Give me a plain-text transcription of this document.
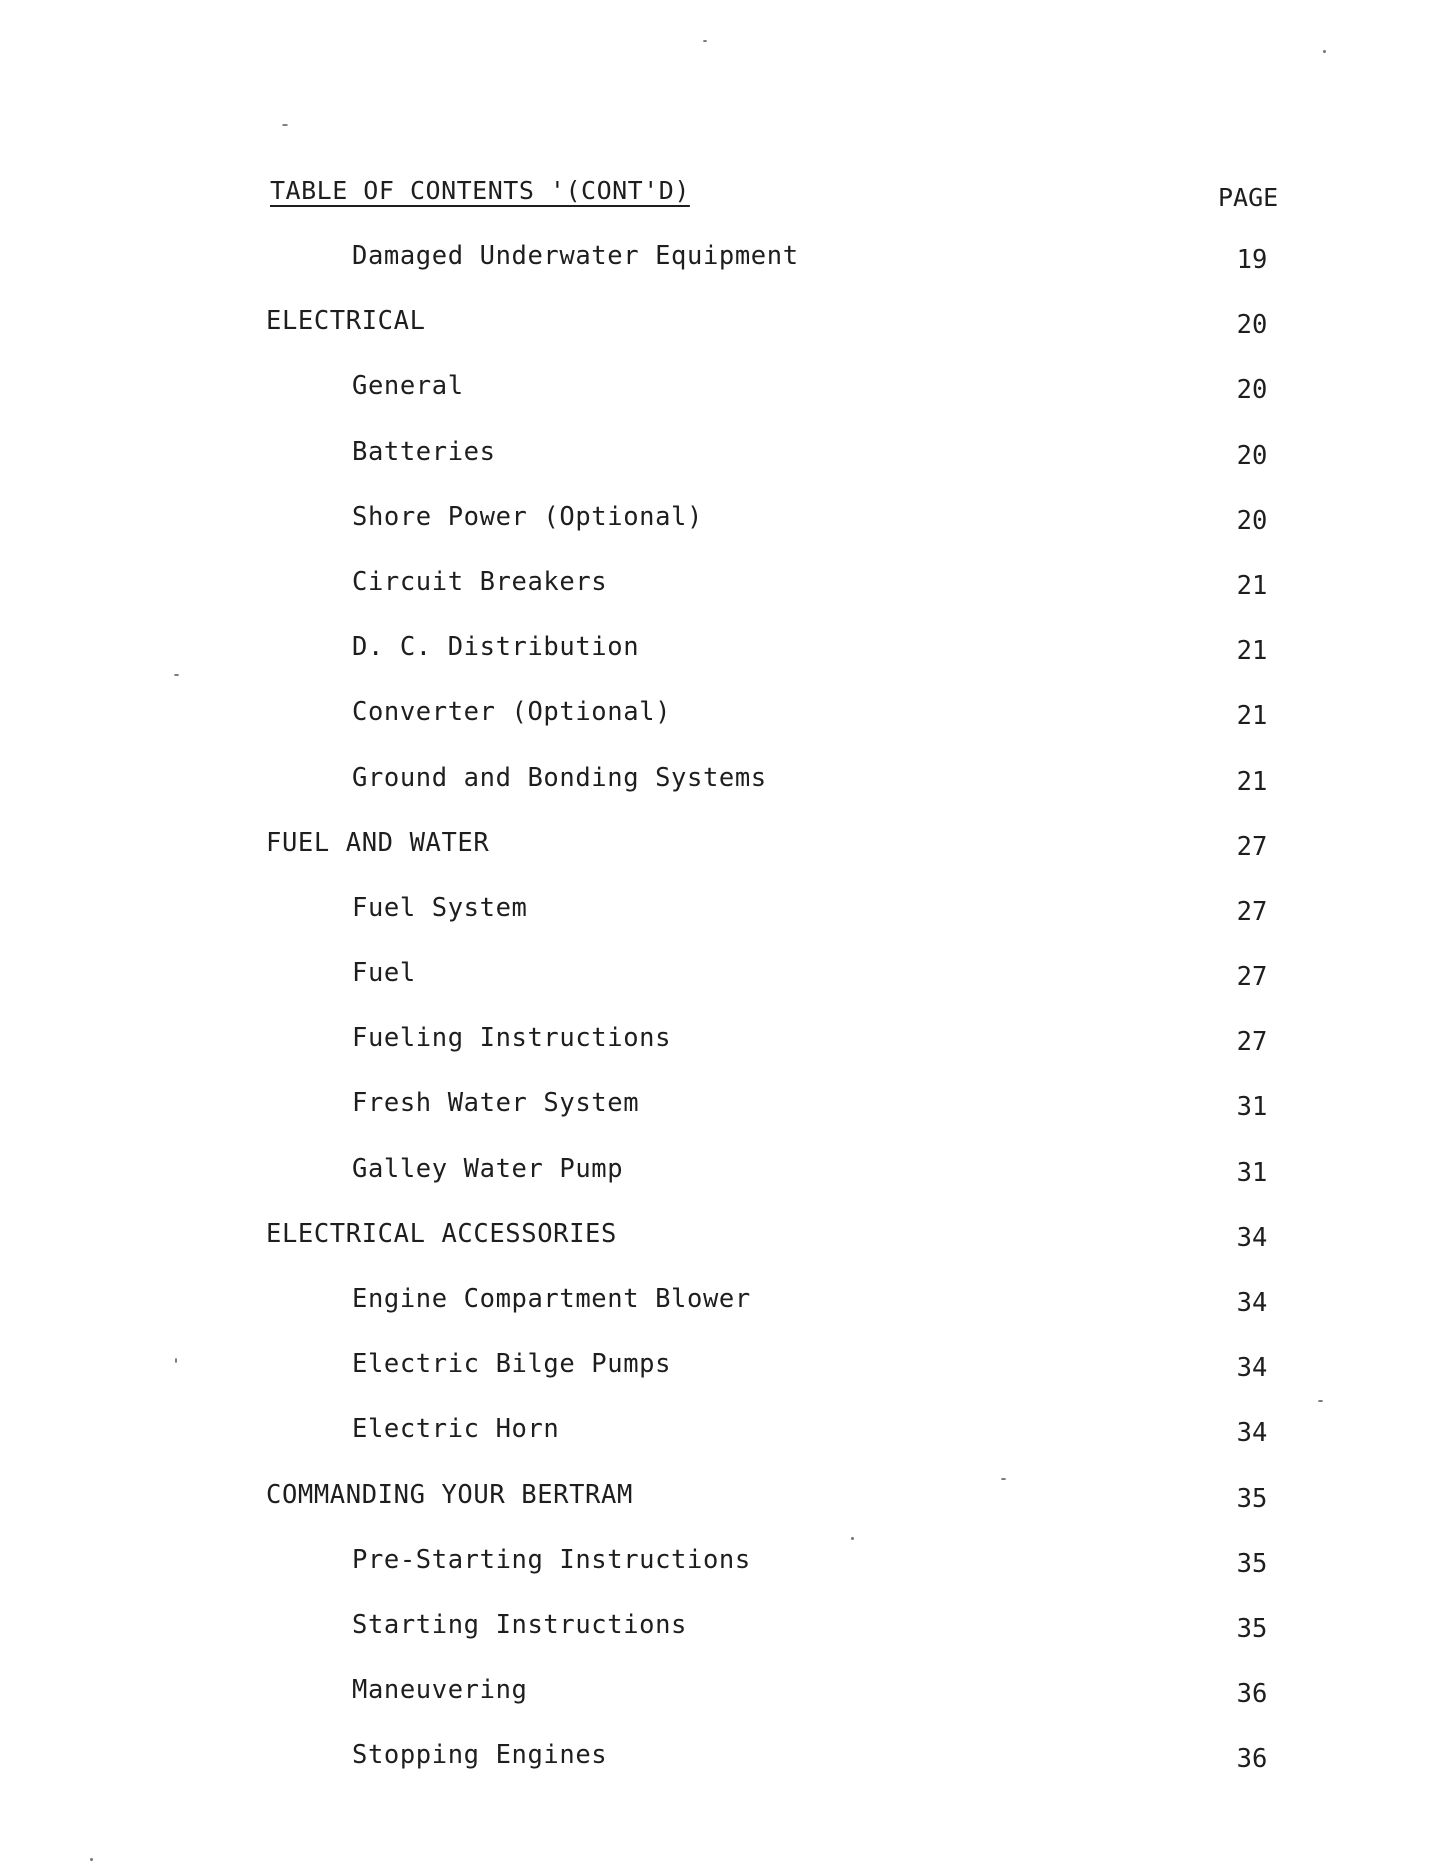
TABLE OF CONTENTS '(CONT'D)	PAGE
Damaged Underwater Equipment	19
ELECTRICAL	20
General	20
Batteries	20
Shore Power (Optional)	20
Circuit Breakers	21
D. C. Distribution	21
Converter (Optional)	21
Ground and Bonding Systems	21
FUEL AND WATER	27
Fuel System	27
Fuel	27
Fueling Instructions	27
Fresh Water System	31
Galley Water Pump	31
ELECTRICAL ACCESSORIES	34
Engine Compartment Blower	34
Electric Bilge Pumps	34
Electric Horn	34
COMMANDING YOUR BERTRAM	35
Pre-Starting Instructions	35
Starting Instructions	35
Maneuvering	36
Stopping Engines	36
